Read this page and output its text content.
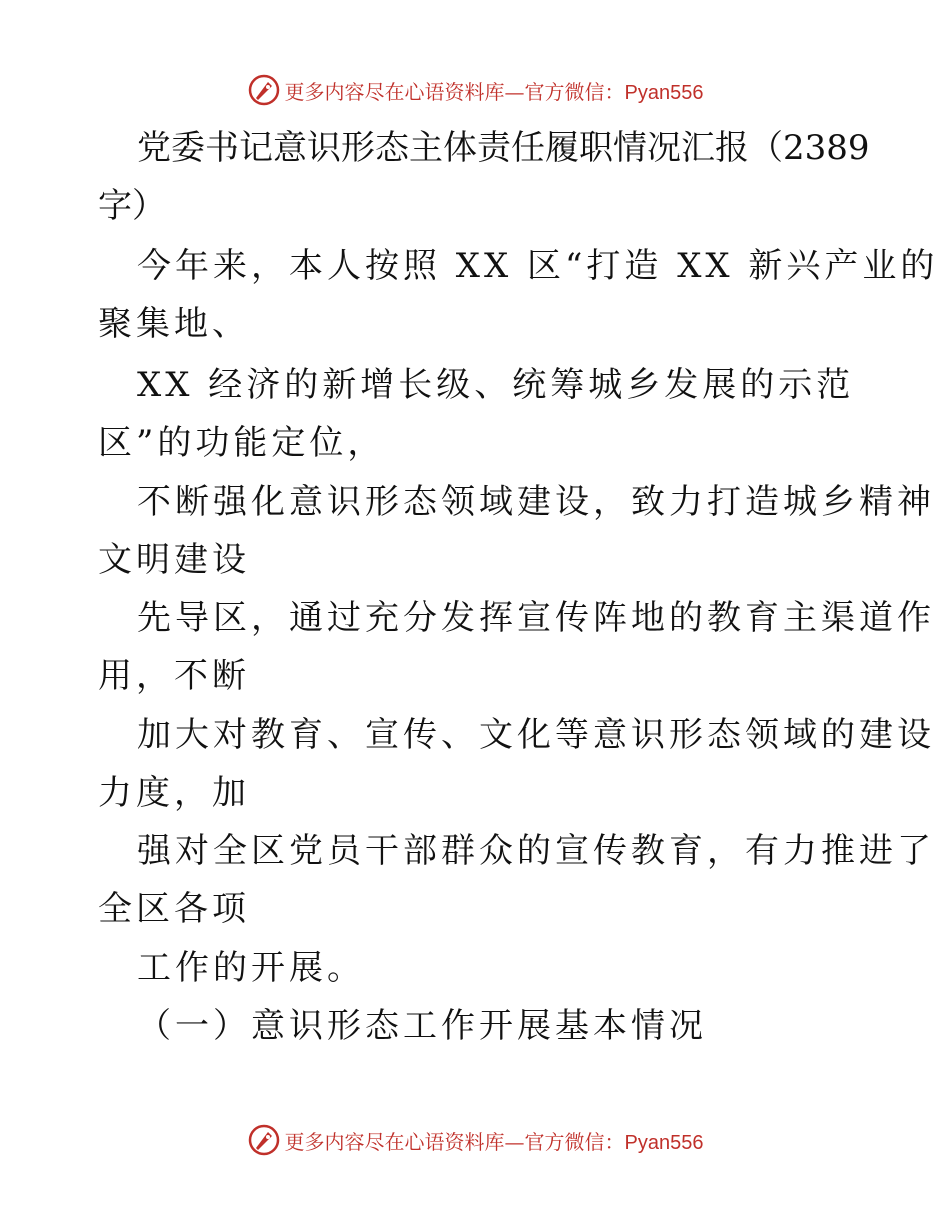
更多内容尽在心语资料库—官方微信：Pyan556
党委书记意识形态主体责任履职情况汇报（2389
字）
今年来，本人按照 XX 区“打造 XX 新兴产业的
聚集地、
XX 经济的新增长级、统筹城乡发展的示范
区”的功能定位，
不断强化意识形态领域建设，致力打造城乡精神
文明建设
先导区，通过充分发挥宣传阵地的教育主渠道作
用，不断
加大对教育、宣传、文化等意识形态领域的建设
力度，加
强对全区党员干部群众的宣传教育，有力推进了
全区各项
工作的开展。
（一）意识形态工作开展基本情况
更多内容尽在心语资料库—官方微信：Pyan556
